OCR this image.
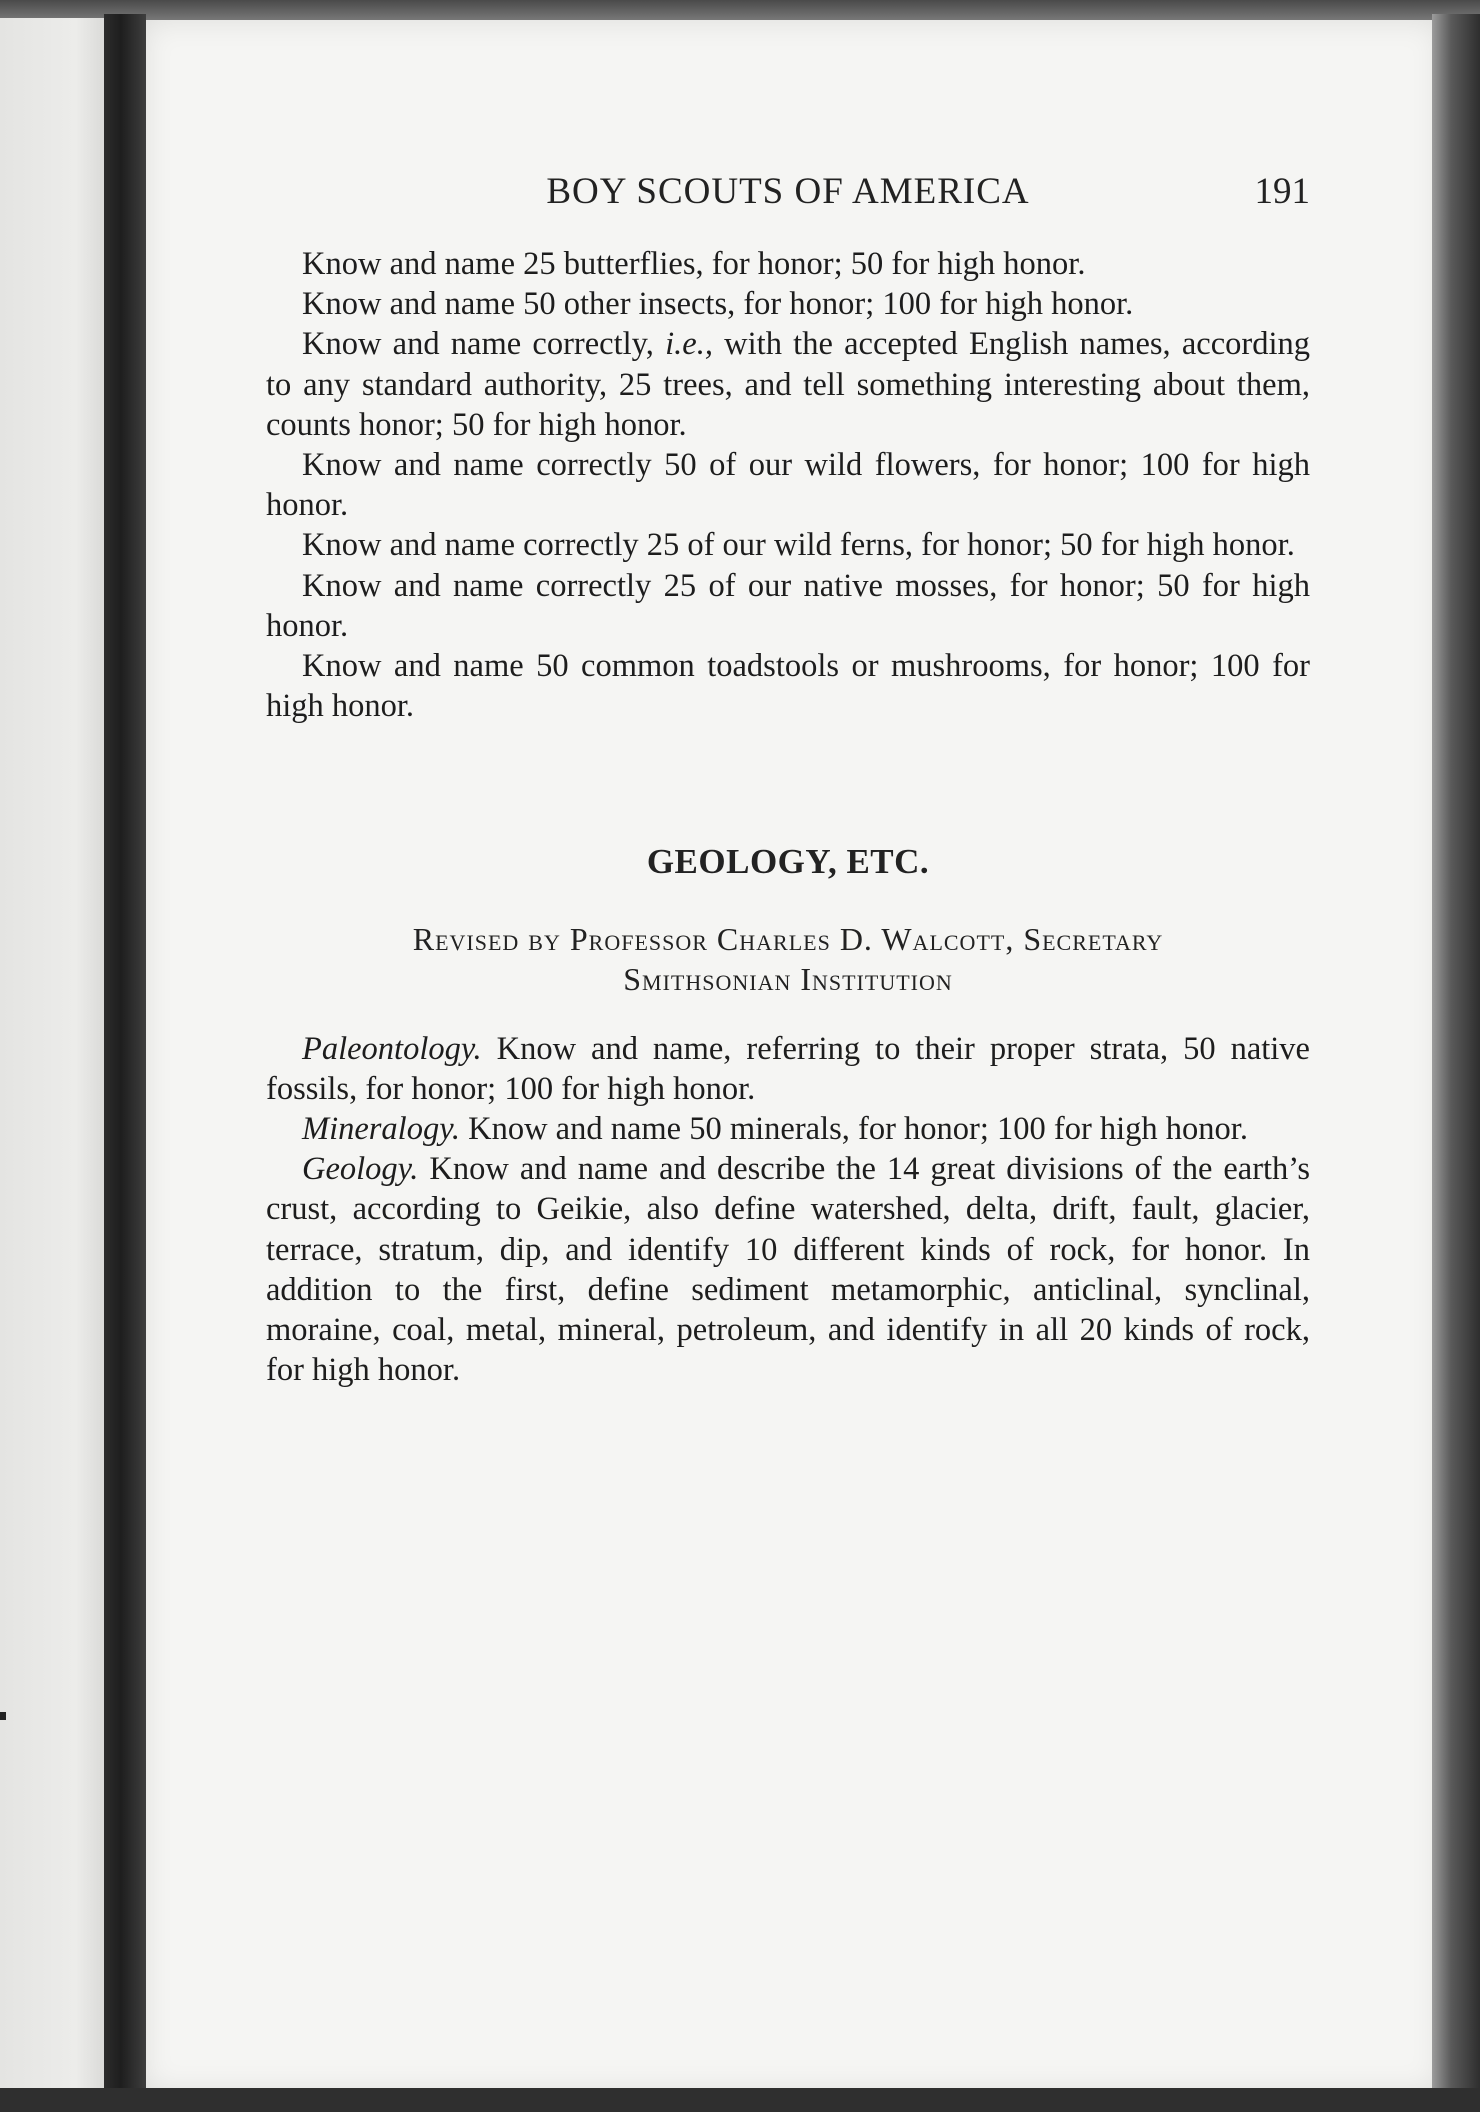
BOY SCOUTS OF AMERICA	191

Know and name 25 butterflies, for honor; 50 for high honor.

Know and name 50 other insects, for honor; 100 for high honor.

Know and name correctly, i.e., with the accepted English names, according to any standard authority, 25 trees, and tell something interesting about them, counts honor; 50 for high honor.

Know and name correctly 50 of our wild flowers, for honor; 100 for high honor.

Know and name correctly 25 of our wild ferns, for honor; 50 for high honor.

Know and name correctly 25 of our native mosses, for honor; 50 for high honor.

Know and name 50 common toadstools or mushrooms, for honor; 100 for high honor.

GEOLOGY, ETC.
Revised by Professor Charles D. Walcott, Secretary
Smithsonian Institution

Paleontology. Know and name, referring to their proper strata, 50 native fossils, for honor; 100 for high honor.

Mineralogy. Know and name 50 minerals, for honor; 100 for high honor.

Geology. Know and name and describe the 14 great divisions of the earth’s crust, according to Geikie, also define watershed, delta, drift, fault, glacier, terrace, stratum, dip, and identify 10 different kinds of rock, for honor. In addition to the first, define sediment metamorphic, anticlinal, synclinal, moraine, coal, metal, mineral, petroleum, and identify in all 20 kinds of rock, for high honor.
